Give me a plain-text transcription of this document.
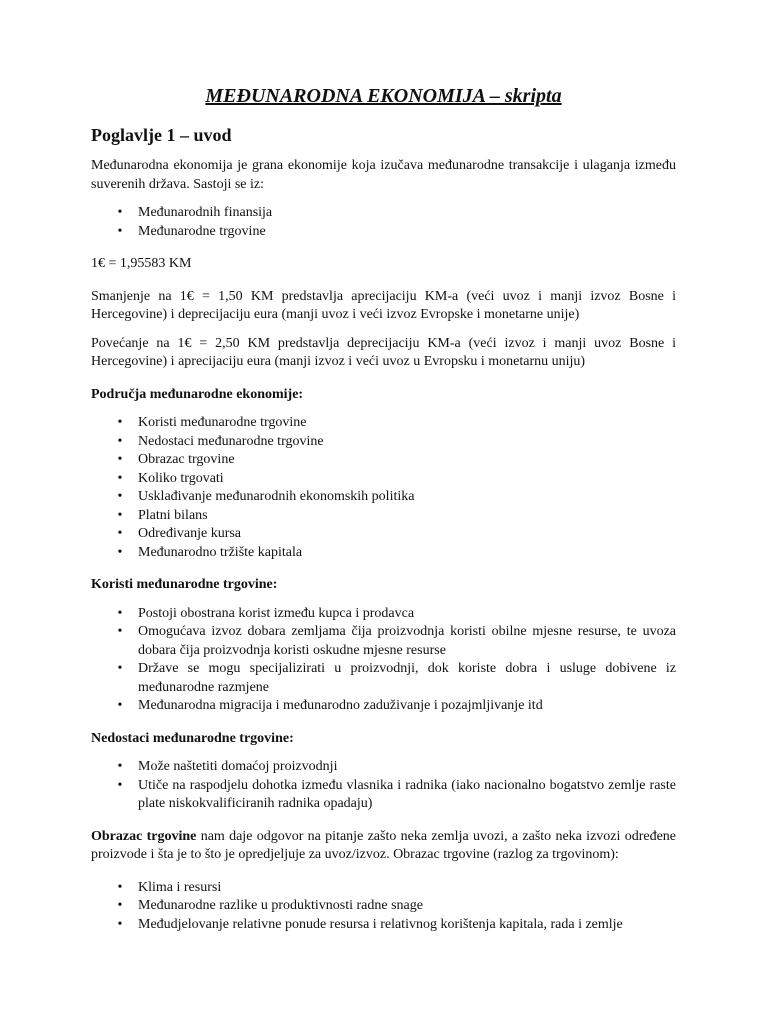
MEĐUNARODNA EKONOMIJA – skripta
Poglavlje 1 – uvod

Međunarodna ekonomija je grana ekonomije koja izučava međunarodne transakcije i ulaganja između suverenih država. Sastoji se iz:

• Međunarodnih finansija
• Međunarodne trgovine

1€ = 1,95583 KM

Smanjenje na 1€ = 1,50 KM predstavlja aprecijaciju KM-a (veći uvoz i manji izvoz Bosne i Hercegovine) i deprecijaciju eura (manji uvoz i veći izvoz Evropske i monetarne unije)

Povećanje na 1€ = 2,50 KM predstavlja deprecijaciju KM-a (veći izvoz i manji uvoz Bosne i Hercegovine) i aprecijaciju eura (manji izvoz i veći uvoz u Evropsku i monetarnu uniju)

Područja međunarodne ekonomije:

• Koristi međunarodne trgovine
• Nedostaci međunarodne trgovine
• Obrazac trgovine
• Koliko trgovati
• Usklađivanje međunarodnih ekonomskih politika
• Platni bilans
• Određivanje kursa
• Međunarodno tržište kapitala

Koristi međunarodne trgovine:

• Postoji obostrana korist između kupca i prodavca
• Omogućava izvoz dobara zemljama čija proizvodnja koristi obilne mjesne resurse, te uvoza dobara čija proizvodnja koristi oskudne mjesne resurse
• Države se mogu specijalizirati u proizvodnji, dok koriste dobra i usluge dobivene iz međunarodne razmjene
• Međunarodna migracija i međunarodno zaduživanje i pozajmljivanje itd

Nedostaci međunarodne trgovine:

• Može naštetiti domaćoj proizvodnji
• Utiče na raspodjelu dohotka između vlasnika i radnika (iako nacionalno bogatstvo zemlje raste plate niskokvalificiranih radnika opadaju)

Obrazac trgovine nam daje odgovor na pitanje zašto neka zemlja uvozi, a zašto neka izvozi određene proizvode i šta je to što je opredjeljuje za uvoz/izvoz. Obrazac trgovine (razlog za trgovinom):

• Klima i resursi
• Međunarodne razlike u produktivnosti radne snage
• Međudjelovanje relativne ponude resursa i relativnog korištenja kapitala, rada i zemlje
